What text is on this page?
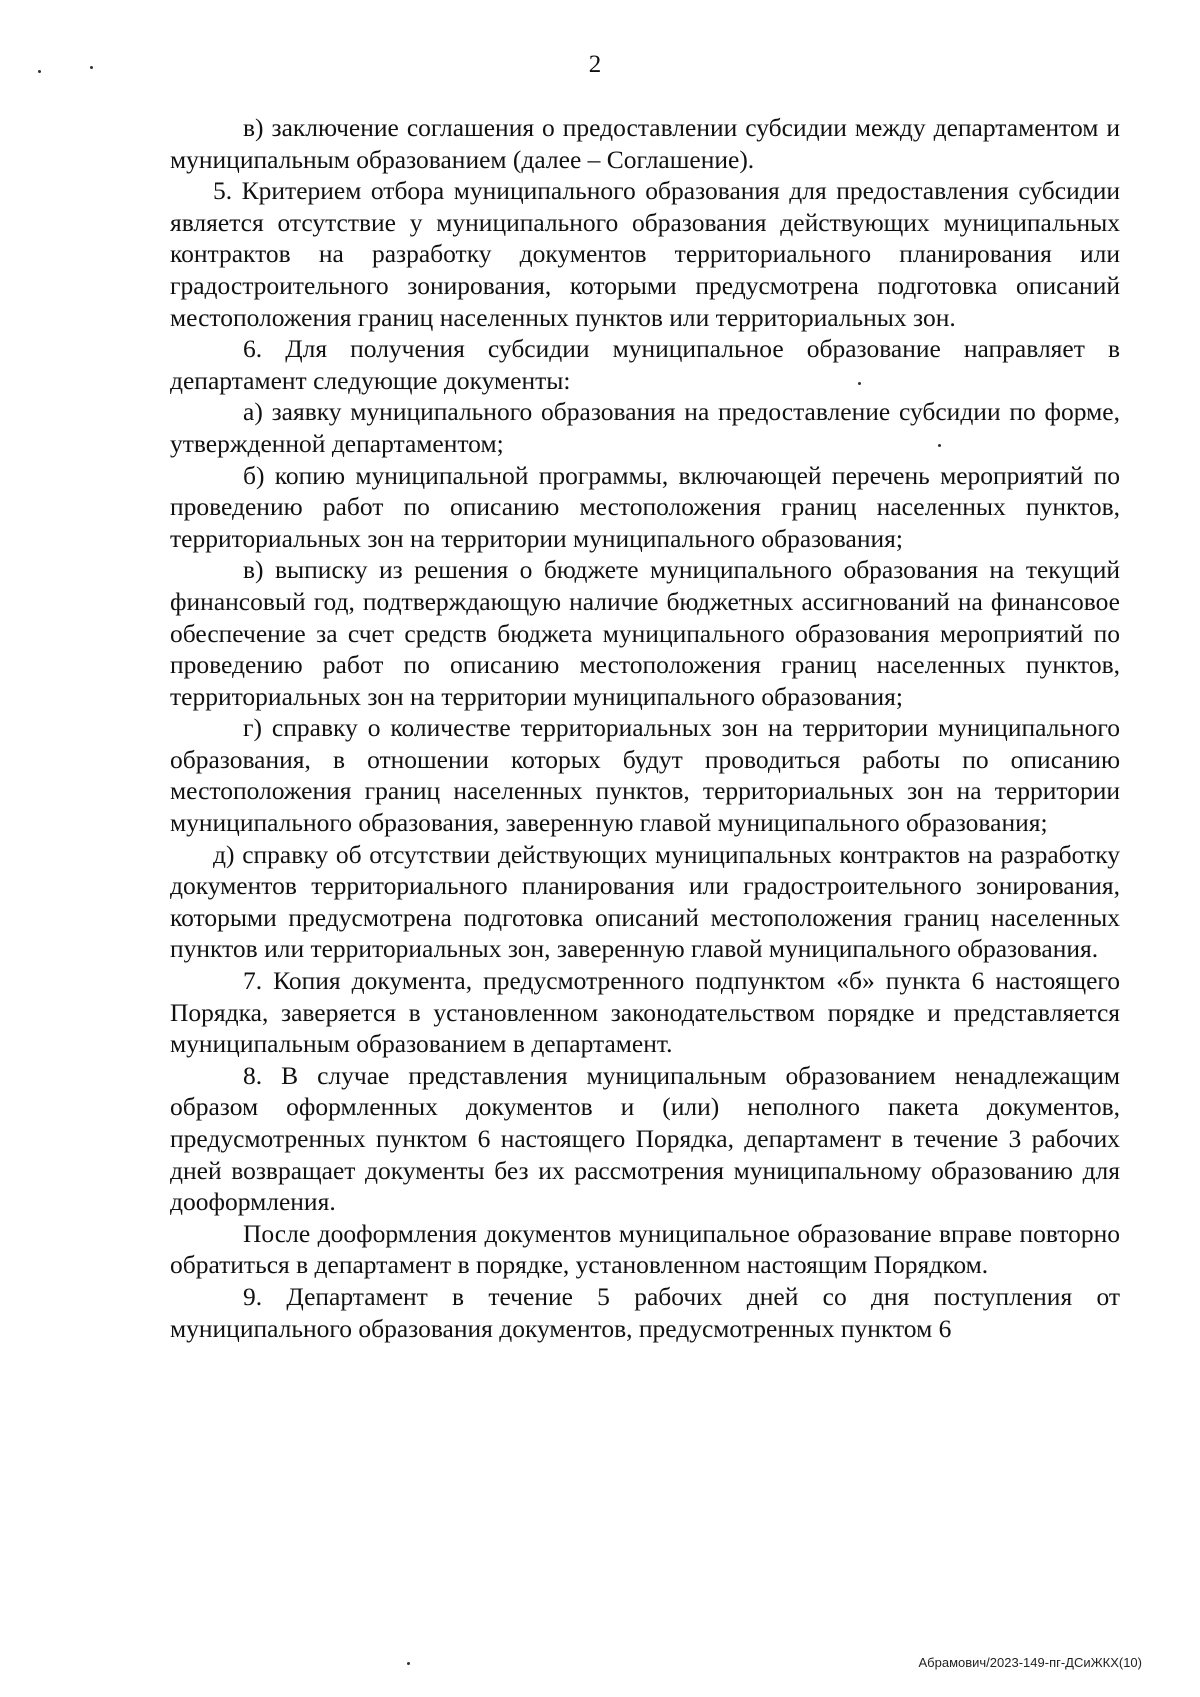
2

в) заключение соглашения о предоставлении субсидии между департаментом и муниципальным образованием (далее – Соглашение).

5. Критерием отбора муниципального образования для предоставления субсидии является отсутствие у муниципального образования действующих муниципальных контрактов на разработку документов территориального планирования или градостроительного зонирования, которыми предусмотрена подготовка описаний местоположения границ населенных пунктов или территориальных зон.

6. Для получения субсидии муниципальное образование направляет в департамент следующие документы:

а) заявку муниципального образования на предоставление субсидии по форме, утвержденной департаментом;

б) копию муниципальной программы, включающей перечень мероприятий по проведению работ по описанию местоположения границ населенных пунктов, территориальных зон на территории муниципального образования;

в) выписку из решения о бюджете муниципального образования на текущий финансовый год, подтверждающую наличие бюджетных ассигнований на финансовое обеспечение за счет средств бюджета муниципального образования мероприятий по проведению работ по описанию местоположения границ населенных пунктов, территориальных зон на территории муниципального образования;

г) справку о количестве территориальных зон на территории муниципального образования, в отношении которых будут проводиться работы по описанию местоположения границ населенных пунктов, территориальных зон на территории муниципального образования, заверенную главой муниципального образования;

д) справку об отсутствии действующих муниципальных контрактов на разработку документов территориального планирования или градостроительного зонирования, которыми предусмотрена подготовка описаний местоположения границ населенных пунктов или территориальных зон, заверенную главой муниципального образования.

7. Копия документа, предусмотренного подпунктом «б» пункта 6 настоящего Порядка, заверяется в установленном законодательством порядке и представляется муниципальным образованием в департамент.

8. В случае представления муниципальным образованием ненадлежащим образом оформленных документов и (или) неполного пакета документов, предусмотренных пунктом 6 настоящего Порядка, департамент в течение 3 рабочих дней возвращает документы без их рассмотрения муниципальному образованию для дооформления.

После дооформления документов муниципальное образование вправе повторно обратиться в департамент в порядке, установленном настоящим Порядком.

9. Департамент в течение 5 рабочих дней со дня поступления от муниципального образования документов, предусмотренных пунктом 6

Абрамович/2023-149-пг-ДСиЖКХ(10)
